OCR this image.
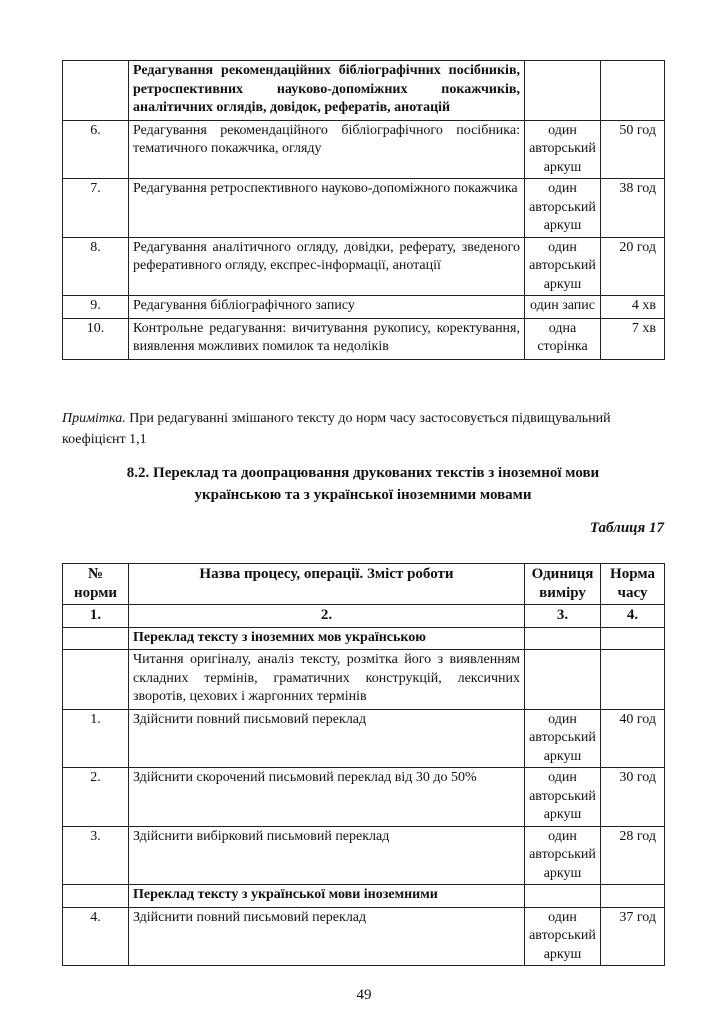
	Редагування рекомендаційних бібліографічних посібників, ретроспективних науково-допоміжних покажчиків, аналітичних оглядів, довідок, рефератів, анотацій		
6.	Редагування рекомендаційного бібліографічного посібника: тематичного покажчика, огляду	один авторський аркуш	50 год
7.	Редагування ретроспективного науково-допоміжного покажчика	один авторський аркуш	38 год
8.	Редагування аналітичного огляду, довідки, реферату, зведеного реферативного огляду, експрес-інформації, анотації	один авторський аркуш	20 год
9.	Редагування бібліографічного запису	один запис	4 хв
10.	Контрольне редагування: вичитування рукопису, коректування, виявлення можливих помилок та недоліків	одна сторінка	7 хв
Примітка. При редагуванні змішаного тексту до норм часу застосовується підвищувальний коефіцієнт 1,1
8.2. Переклад та доопрацювання друкованих текстів з іноземної мови
українською та з української іноземними мовами
Таблиця 17
№ норми	Назва процесу, операції. Зміст роботи	Одиниця виміру	Норма часу
1.	2.	3.	4.
	Переклад тексту з іноземних мов українською		
	Читання оригіналу, аналіз тексту, розмітка його з виявленням складних термінів, граматичних конструкцій, лексичних зворотів, цехових і жаргонних термінів		
1.	Здійснити повний письмовий переклад	один авторський аркуш	40 год
2.	Здійснити скорочений письмовий переклад від 30 до 50%	один авторський аркуш	30 год
3.	Здійснити вибірковий письмовий переклад	один авторський аркуш	28 год
	Переклад тексту з української мови іноземними		
4.	Здійснити повний письмовий переклад	один авторський аркуш	37 год
49
